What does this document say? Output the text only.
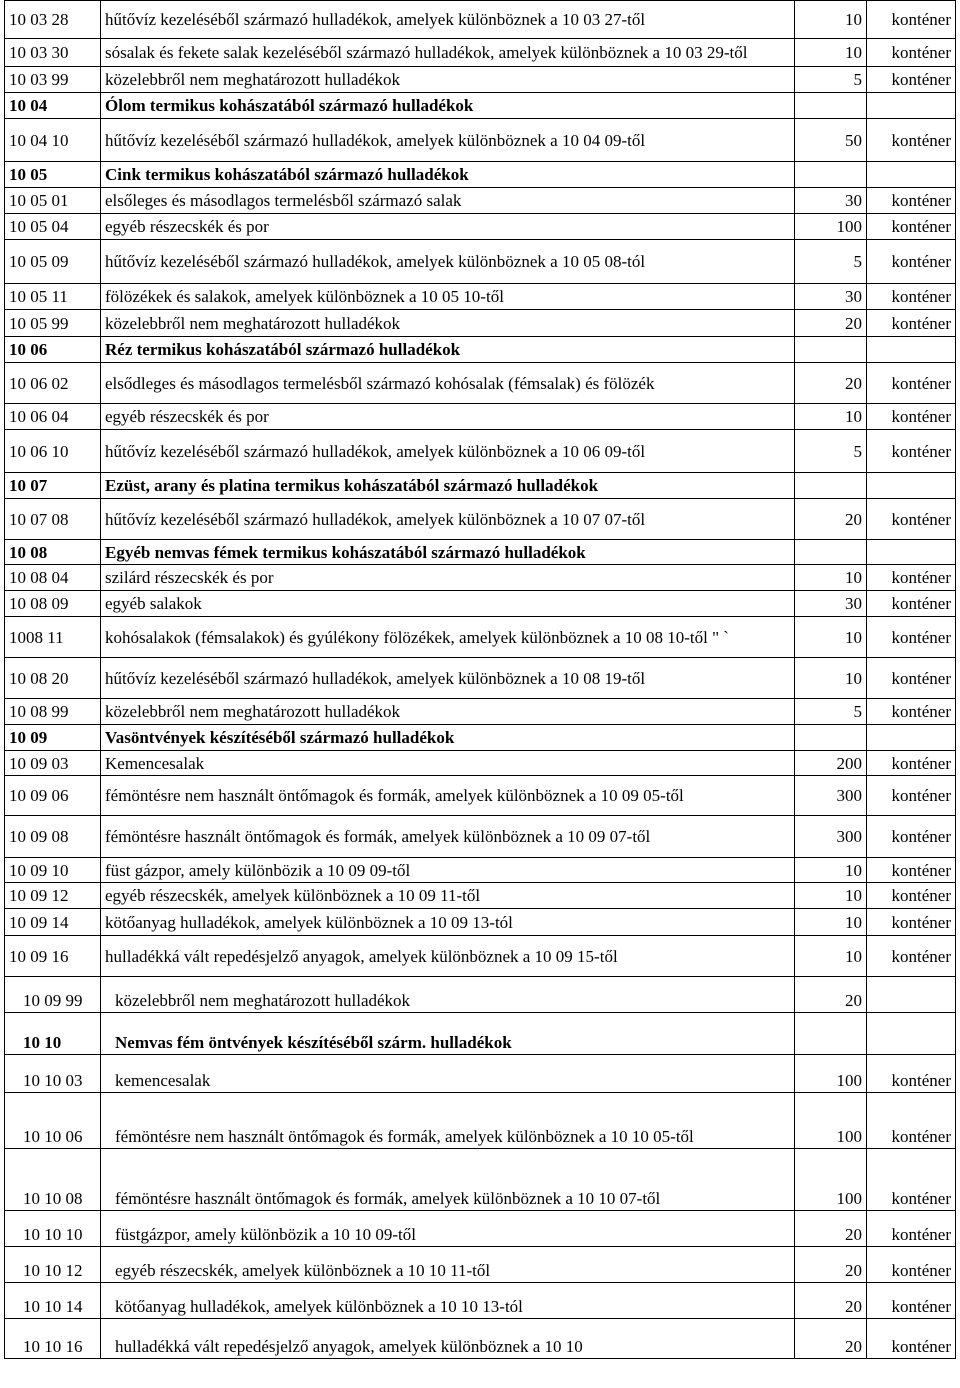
10 03 28	hűtővíz kezeléséből származó hulladékok, amelyek különböznek a 10 03 27-től	10	konténer
10 03 30	sósalak és fekete salak kezeléséből származó hulladékok, amelyek különböznek a 10 03 29-től	10	konténer
10 03 99	közelebbről nem meghatározott hulladékok	5	konténer
10 04	Ólom termikus kohászatából származó hulladékok		
10 04 10	hűtővíz kezeléséből származó hulladékok, amelyek különböznek a 10 04 09-től	50	konténer
10 05	Cink termikus kohászatából származó hulladékok		
10 05 01	elsőleges és másodlagos termelésből származó salak	30	konténer
10 05 04	egyéb részecskék és por	100	konténer
10 05 09	hűtővíz kezeléséből származó hulladékok, amelyek különböznek a 10 05 08-tól	5	konténer
10 05 11	fölözékek és salakok, amelyek különböznek a 10 05 10-től	30	konténer
10 05 99	közelebbről nem meghatározott hulladékok	20	konténer
10 06	Réz termikus kohászatából származó hulladékok		
10 06 02	elsődleges és másodlagos termelésből származó kohósalak (fémsalak) és fölözék	20	konténer
10 06 04	egyéb részecskék és por	10	konténer
10 06 10	hűtővíz kezeléséből származó hulladékok, amelyek különböznek a 10 06 09-től	5	konténer
10 07	Ezüst, arany és platina termikus kohászatából származó hulladékok		
10 07 08	hűtővíz kezeléséből származó hulladékok, amelyek különböznek a 10 07 07-től	20	konténer
10 08	Egyéb nemvas fémek termikus kohászatából származó hulladékok		
10 08 04	szilárd részecskék és por	10	konténer
10 08 09	egyéb salakok	30	konténer
1008 11	kohósalakok (fémsalakok) és gyúlékony fölözékek, amelyek különböznek a 10 08 10-től " `	10	konténer
10 08 20	hűtővíz kezeléséből származó hulladékok, amelyek különböznek a 10 08 19-től	10	konténer
10 08 99	közelebbről nem meghatározott hulladékok	5	konténer
10 09	Vasöntvények készítéséből származó hulladékok		
10 09 03	Kemencesalak	200	konténer
10 09 06	fémöntésre nem használt öntőmagok és formák, amelyek különböznek a 10 09 05-től	300	konténer
10 09 08	fémöntésre használt öntőmagok és formák, amelyek különböznek a 10 09 07-től	300	konténer
10 09 10	füst gázpor, amely különbözik a 10 09 09-től	10	konténer
10 09 12	egyéb részecskék, amelyek különböznek a 10 09 11-től	10	konténer
10 09 14	kötőanyag hulladékok, amelyek különböznek a 10 09 13-tól	10	konténer
10 09 16	hulladékká vált repedésjelző anyagok, amelyek különböznek a 10 09 15-től	10	konténer
10 09 99	közelebbről nem meghatározott hulladékok	20	
10 10	Nemvas fém öntvények készítéséből szárm. hulladékok		
10 10 03	kemencesalak	100	konténer
10 10 06	fémöntésre nem használt öntőmagok és formák, amelyek különböznek a 10 10 05-től	100	konténer
10 10 08	fémöntésre használt öntőmagok és formák, amelyek különböznek a 10 10 07-től	100	konténer
10 10 10	füstgázpor, amely különbözik a 10 10 09-től	20	konténer
10 10 12	egyéb részecskék, amelyek különböznek a 10 10 11-től	20	konténer
10 10 14	kötőanyag hulladékok, amelyek különböznek a 10 10 13-tól	20	konténer
10 10 16	hulladékká vált repedésjelző anyagok, amelyek különböznek a 10 10	20	konténer
